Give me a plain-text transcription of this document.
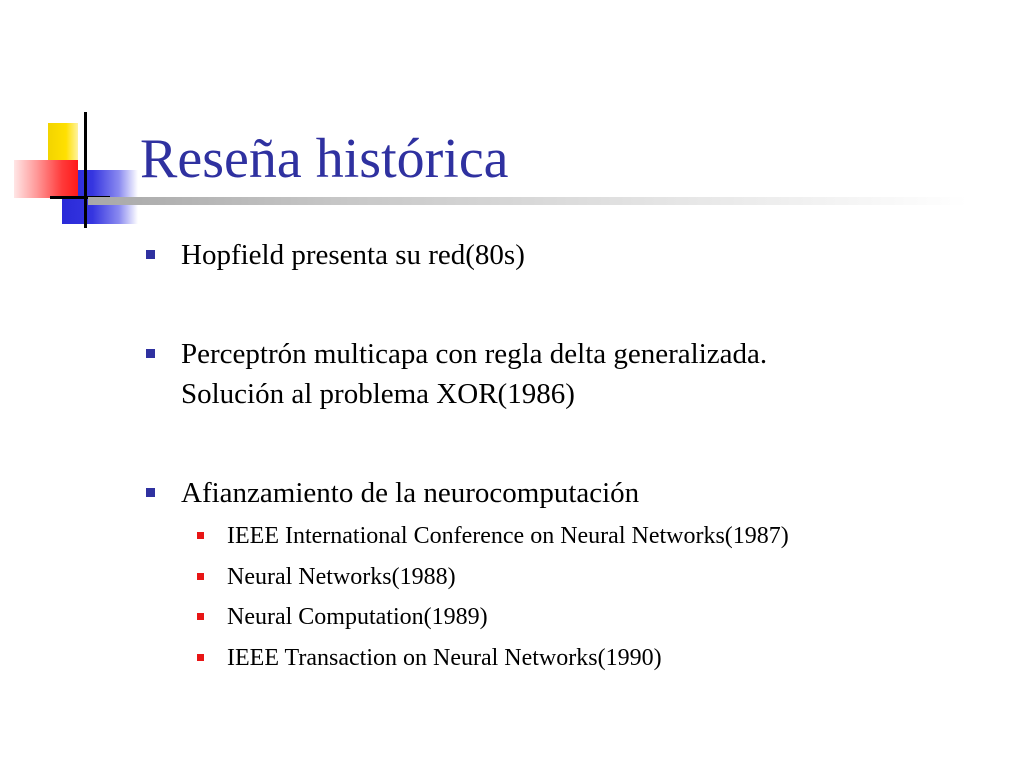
Reseña histórica
Hopfield presenta su red(80s)
Perceptrón multicapa con regla delta generalizada.
Solución al problema XOR(1986)
Afianzamiento de la neurocomputación
IEEE International Conference on Neural Networks(1987)
Neural Networks(1988)
Neural Computation(1989)
IEEE Transaction on Neural Networks(1990)
